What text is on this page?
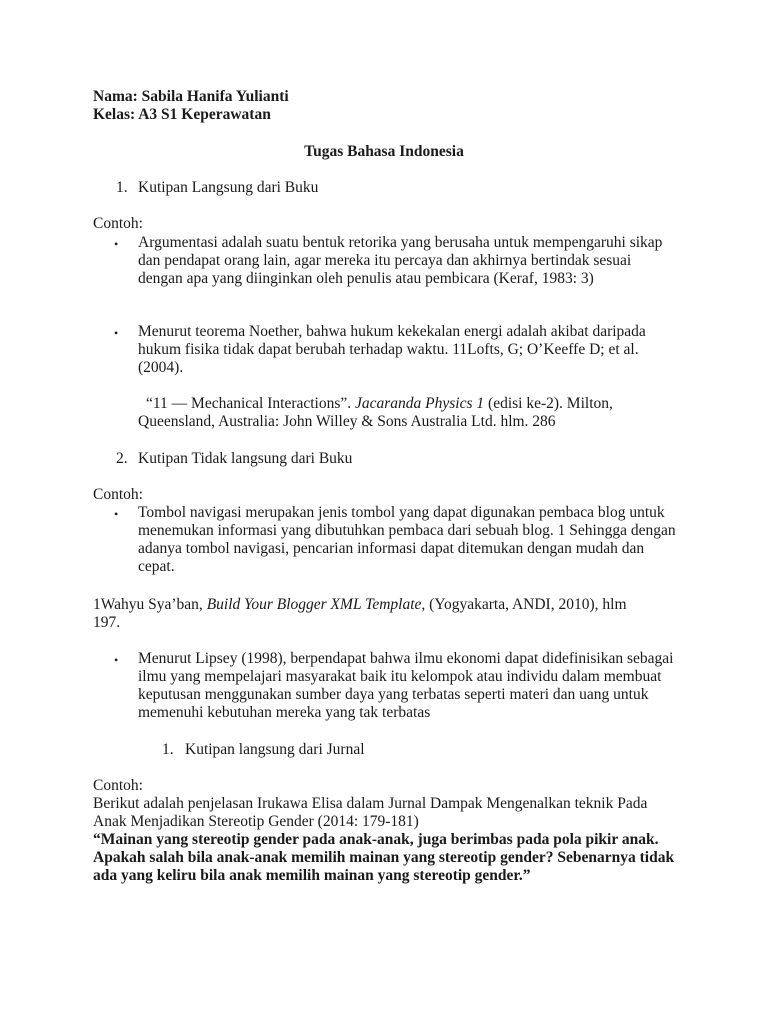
Nama: Sabila Hanifa Yulianti

Kelas: A3 S1 Keperawatan

Tugas Bahasa Indonesia

1. Kutipan Langsung dari Buku

Contoh:

• Argumentasi adalah suatu bentuk retorika yang berusaha untuk mempengaruhi sikap dan pendapat orang lain, agar mereka itu percaya dan akhirnya bertindak sesuai dengan apa yang diinginkan oleh penulis atau pembicara (Keraf, 1983: 3)

• Menurut teorema Noether, bahwa hukum kekekalan energi adalah akibat daripada hukum fisika tidak dapat berubah terhadap waktu. 11Lofts, G; O’Keeffe D; et al. (2004).

“11 — Mechanical Interactions”. Jacaranda Physics 1 (edisi ke-2). Milton, Queensland, Australia: John Willey & Sons Australia Ltd. hlm. 286

2. Kutipan Tidak langsung dari Buku

Contoh:

• Tombol navigasi merupakan jenis tombol yang dapat digunakan pembaca blog untuk menemukan informasi yang dibutuhkan pembaca dari sebuah blog. 1 Sehingga dengan adanya tombol navigasi, pencarian informasi dapat ditemukan dengan mudah dan cepat.

1Wahyu Sya’ban, Build Your Blogger XML Template, (Yogyakarta, ANDI, 2010), hlm 197.

• Menurut Lipsey (1998), berpendapat bahwa ilmu ekonomi dapat didefinisikan sebagai ilmu yang mempelajari masyarakat baik itu kelompok atau individu dalam membuat keputusan menggunakan sumber daya yang terbatas seperti materi dan uang untuk memenuhi kebutuhan mereka yang tak terbatas

1. Kutipan langsung dari Jurnal

Contoh:

Berikut adalah penjelasan Irukawa Elisa dalam Jurnal Dampak Mengenalkan teknik Pada Anak Menjadikan Stereotip Gender (2014: 179-181)

“Mainan yang stereotip gender pada anak-anak, juga berimbas pada pola pikir anak. Apakah salah bila anak-anak memilih mainan yang stereotip gender? Sebenarnya tidak ada yang keliru bila anak memilih mainan yang stereotip gender.”
